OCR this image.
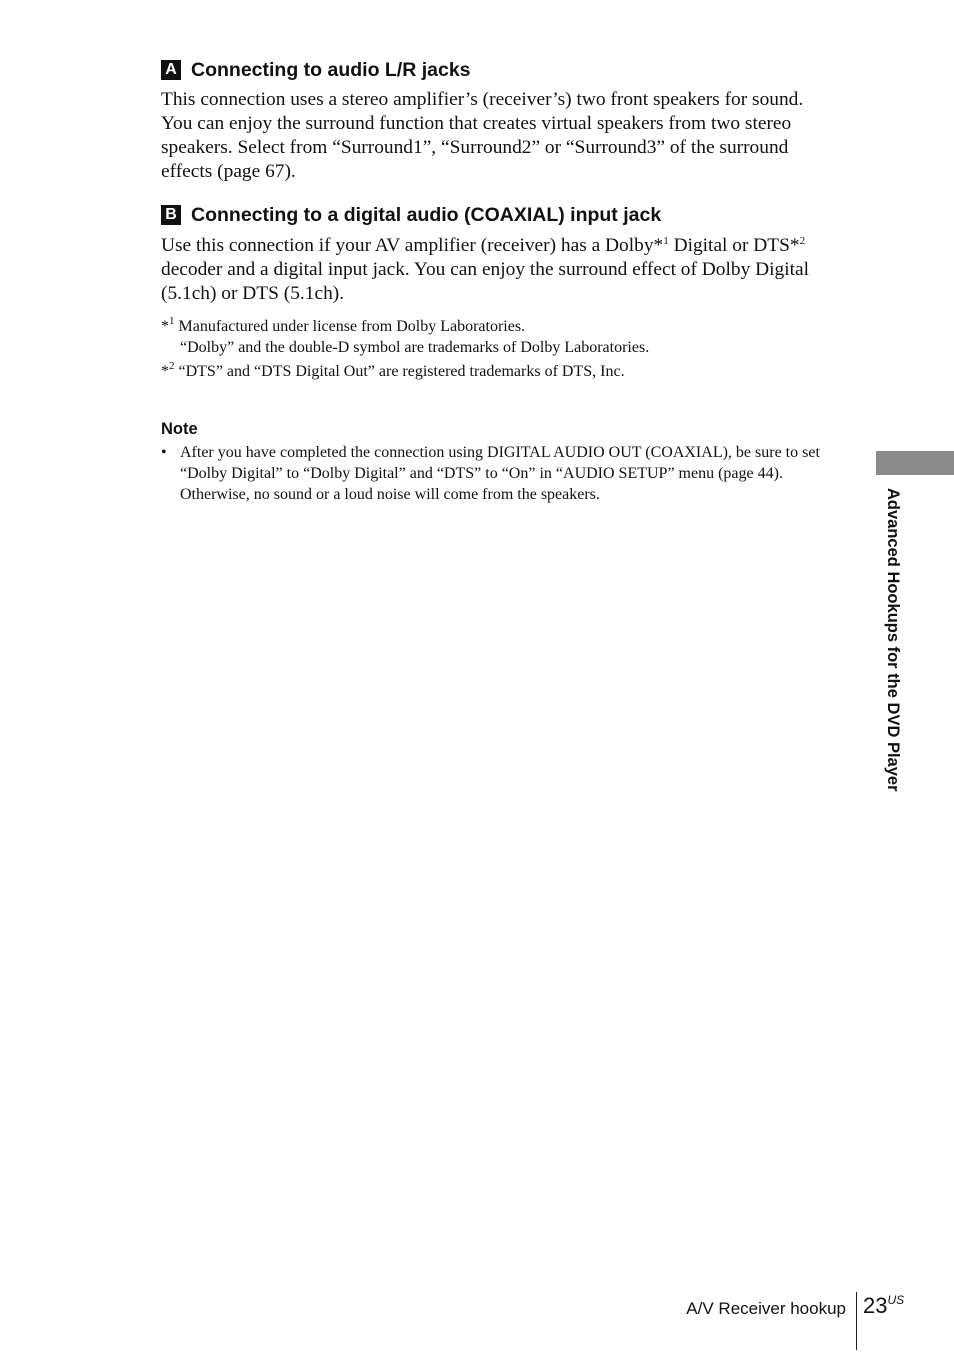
A Connecting to audio L/R jacks
This connection uses a stereo amplifier’s (receiver’s) two front speakers for sound.
You can enjoy the surround function that creates virtual speakers from two stereo
speakers. Select from “Surround1”, “Surround2” or “Surround3” of the surround
effects (page 67).
B Connecting to a digital audio (COAXIAL) input jack
Use this connection if your AV amplifier (receiver) has a Dolby*$^1$ Digital or DTS*$^2$
decoder and a digital input jack. You can enjoy the surround effect of Dolby Digital
(5.1ch) or DTS (5.1ch).
*$^1$ Manufactured under license from Dolby Laboratories.
“Dolby” and the double-D symbol are trademarks of Dolby Laboratories.
*$^2$ “DTS” and “DTS Digital Out” are registered trademarks of DTS, Inc.
Note
• After you have completed the connection using DIGITAL AUDIO OUT (COAXIAL), be sure to set “Dolby Digital” to “Dolby Digital” and “DTS” to “On” in “AUDIO SETUP” menu (page 44). Otherwise, no sound or a loud noise will come from the speakers.	Advanced Hookups for the DVD Player
A/V Receiver hookup $23^{US}$
